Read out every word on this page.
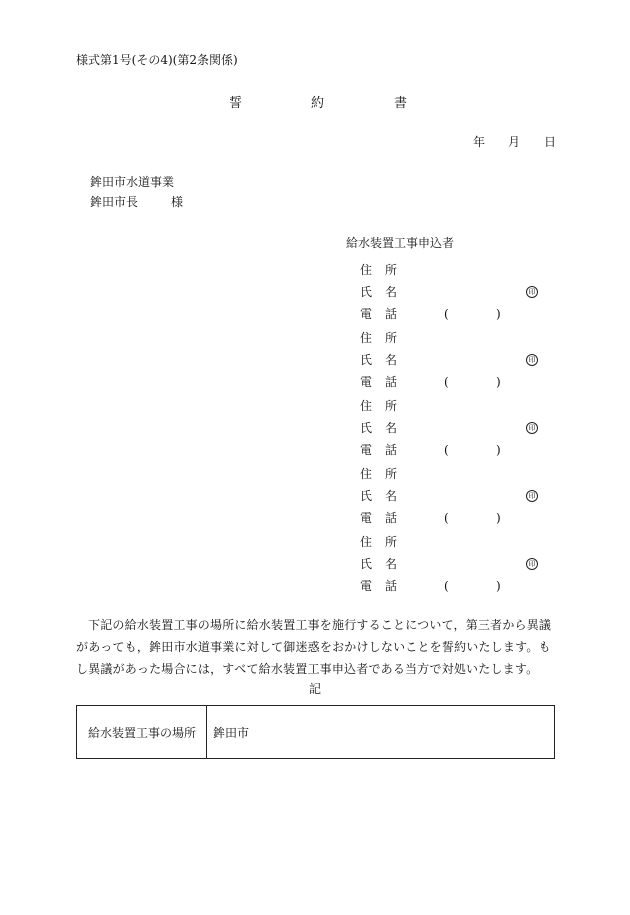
様式第1号(その4)(第2条関係)
誓	約	書
年 月 日
鉾田市水道事業
鉾田市長	様
給水装置工事申込者
住 所
氏 名	印
電 話	(	)
住 所
氏 名	印
電 話	(	)
住 所
氏 名	印
電 話	(	)
住 所
氏 名	印
電 話	(	)
住 所
氏 名	印
電 話	(	)
下記の給水装置工事の場所に給水装置工事を施行することについて，第三者から異議があっても，鉾田市水道事業に対して御迷惑をおかけしないことを誓約いたします。もし異議があった場合には，すべて給水装置工事申込者である当方で対処いたします。
記
給水装置工事の場所 鉾田市
